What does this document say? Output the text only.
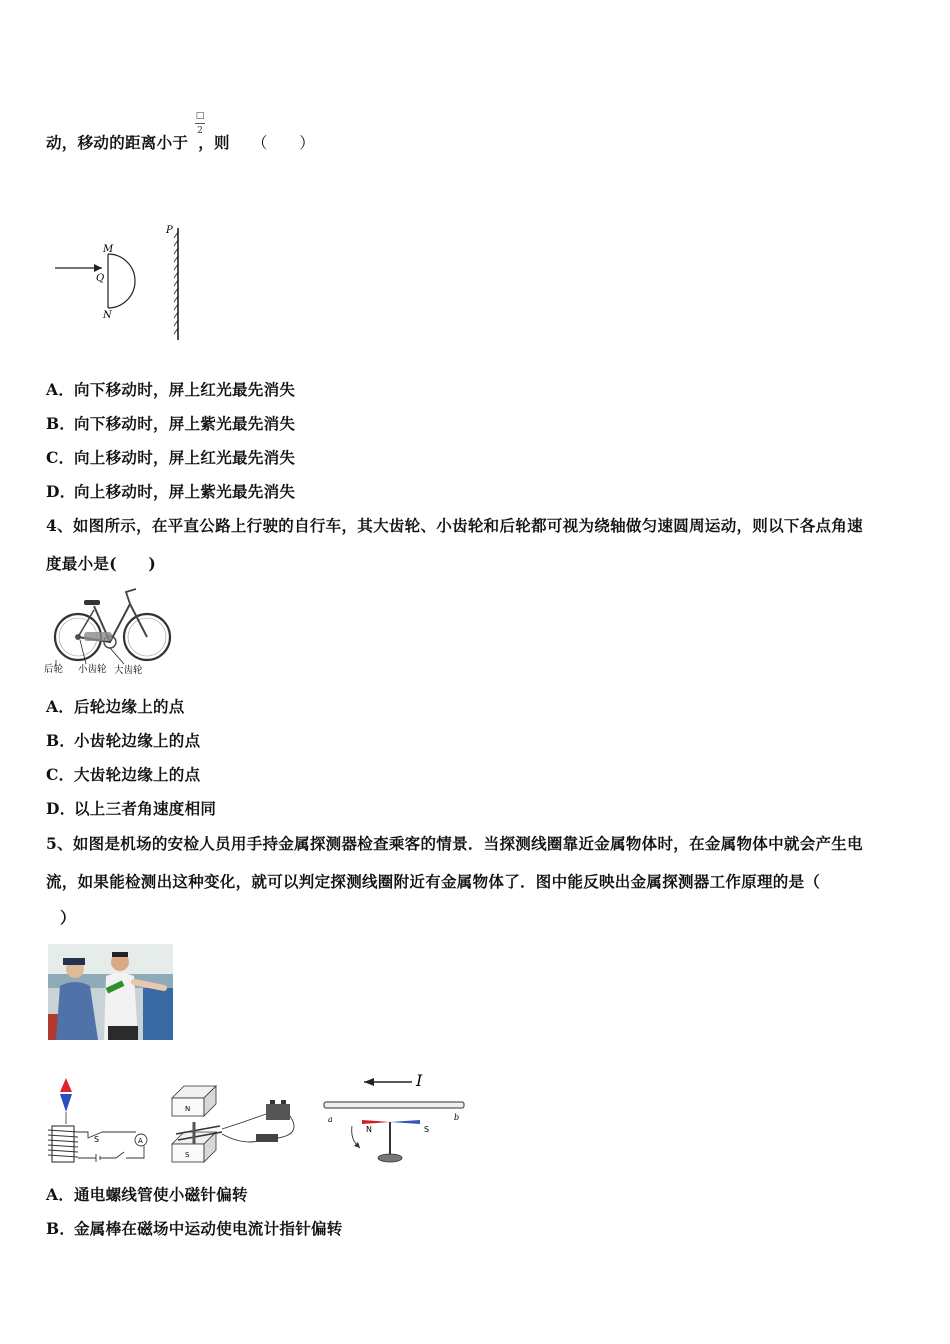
动，移动的距离小于 ，则 （　　）
□
2
P
M
Q
N
A．向下移动时，屏上红光最先消失
B．向下移动时，屏上紫光最先消失
C．向上移动时，屏上红光最先消失
D．向上移动时，屏上紫光最先消失
4、如图所示，在平直公路上行驶的自行车，其大齿轮、小齿轮和后轮都可视为绕轴做匀速圆周运动，则以下各点角速
度最小是(　　)
后轮 小齿轮 大齿轮
A．后轮边缘上的点
B．小齿轮边缘上的点
C．大齿轮边缘上的点
D．以上三者角速度相同
5、如图是机场的安检人员用手持金属探测器检查乘客的情景．当探测线圈靠近金属物体时，在金属物体中就会产生电
流，如果能检测出这种变化，就可以判定探测线圈附近有金属物体了．图中能反映出金属探测器工作原理的是（
）
A
S
N
S
I
a	b
N	S
A．通电螺线管使小磁针偏转
B．金属棒在磁场中运动使电流计指针偏转
